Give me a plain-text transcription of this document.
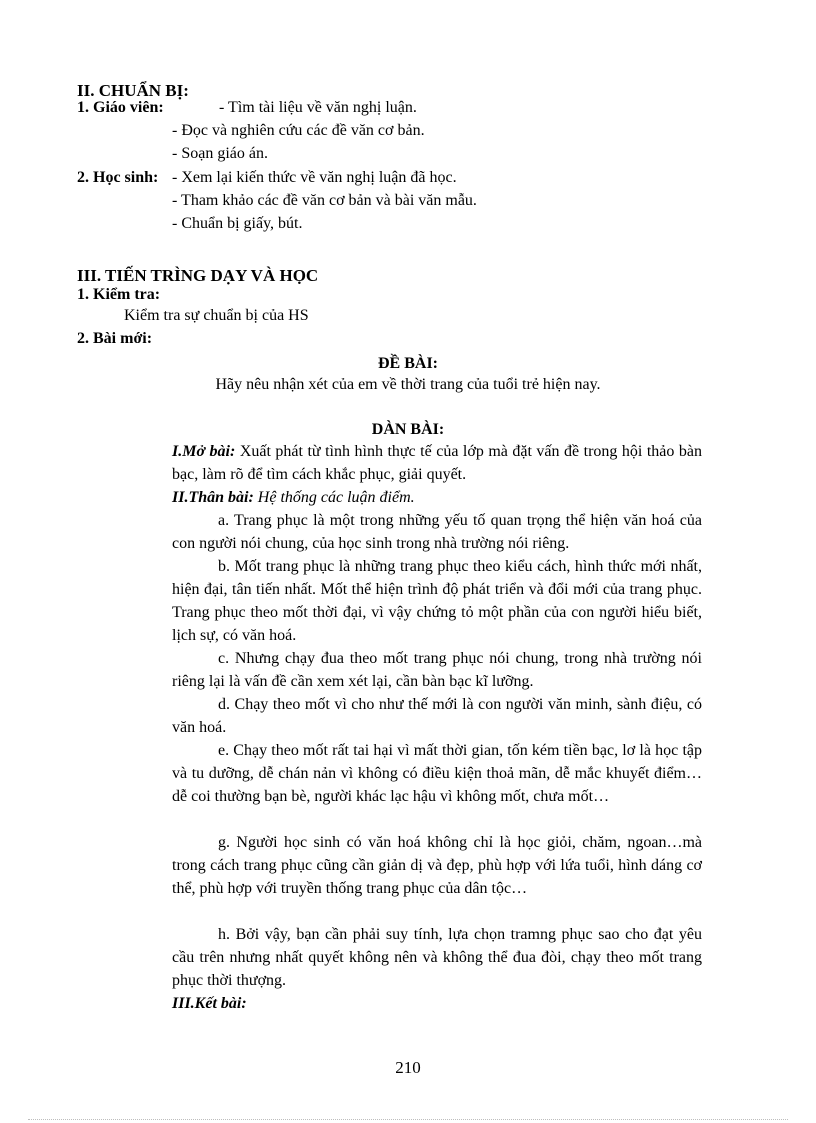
II. CHUẨN BỊ:
1. Giáo viên:	- Tìm tài liệu về văn nghị luận.
- Đọc và nghiên cứu các đề văn cơ bản.
- Soạn giáo án.
2. Học sinh: - Xem lại kiến thức về văn nghị luận đã học.
- Tham khảo các đề văn cơ bản và bài văn mẫu.
- Chuẩn bị giấy, bút.
III. TIẾN TRÌNG DẠY VÀ HỌC
1. Kiểm tra:
Kiểm tra sự chuẩn bị của HS
2. Bài mới:
ĐỀ BÀI:
Hãy nêu nhận xét của em về thời trang của tuổi trẻ hiện nay.
DÀN BÀI:
I.Mở bài: Xuất phát từ tình hình thực tế của lớp mà đặt vấn đề trong hội thảo bàn bạc, làm rõ để tìm cách khắc phục, giải quyết.
II.Thân bài: Hệ thống các luận điểm.
a. Trang phục là một trong những yếu tố quan trọng thể hiện văn hoá của con người nói chung, của học sinh trong nhà trường nói riêng.
b. Mốt trang phục là những trang phục theo kiểu cách, hình thức mới nhất, hiện đại, tân tiến nhất. Mốt thể hiện trình độ phát triển và đổi mới của trang phục. Trang phục theo mốt thời đại, vì vậy chứng tỏ một phần của con người hiểu biết, lịch sự, có văn hoá.
c. Nhưng chạy đua theo mốt trang phục nói chung, trong nhà trường nói riêng lại là vấn đề cần xem xét lại, cần bàn bạc kĩ lưỡng.
d. Chạy theo mốt vì cho như thế mới là con người văn minh, sành điệu, có văn hoá.
e. Chạy theo mốt rất tai hại vì mất thời gian, tốn kém tiền bạc, lơ là học tập và tu dưỡng, dễ chán nản vì không có điều kiện thoả mãn, dễ mắc khuyết điểm…dễ coi thường bạn bè, người khác lạc hậu vì không mốt, chưa mốt…
g. Người học sinh có văn hoá không chỉ là học giỏi, chăm, ngoan…mà trong cách trang phục cũng cần giản dị và đẹp, phù hợp với lứa tuổi, hình dáng cơ thể, phù hợp với truyền thống trang phục của dân tộc…
h. Bởi vậy, bạn cần phải suy tính, lựa chọn tramng phục sao cho đạt yêu cầu trên nhưng nhất quyết không nên và không thể đua đòi, chạy theo mốt trang phục thời thượng.
III.Kết bài:
210
